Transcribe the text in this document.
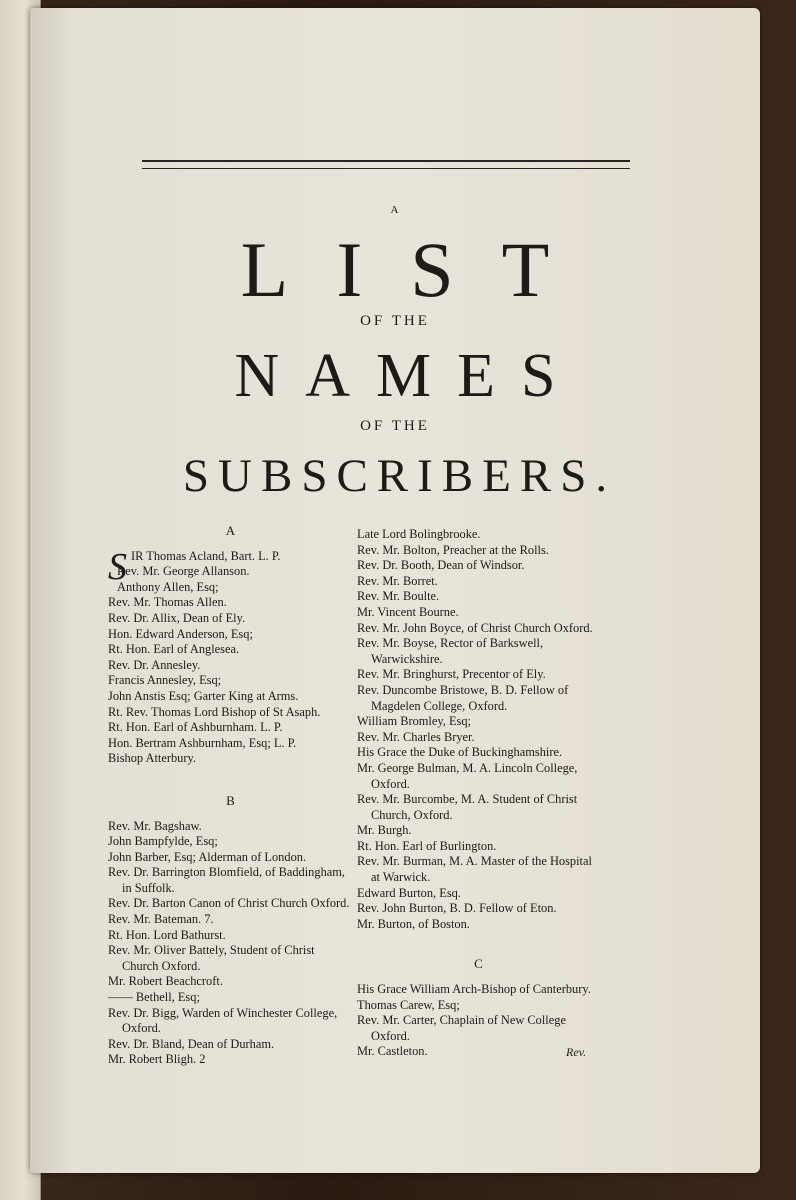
A
LIST
OF THE
NAMES
OF THE
SUBSCRIBERS.
A

S IR Thomas Acland, Bart. L. P.

Rev. Mr. George Allanson.

Anthony Allen, Esq;

Rev. Mr. Thomas Allen.

Rev. Dr. Allix, Dean of Ely.

Hon. Edward Anderson, Esq;

Rt. Hon. Earl of Anglesea.

Rev. Dr. Annesley.

Francis Annesley, Esq;

John Anstis Esq; Garter King at Arms.

Rt. Rev. Thomas Lord Bishop of St Asaph.

Rt. Hon. Earl of Ashburnham. L. P.

Hon. Bertram Ashburnham, Esq; L. P.

Bishop Atterbury.

B

Rev. Mr. Bagshaw.

John Bampfylde, Esq;

John Barber, Esq; Alderman of London.

Rev. Dr. Barrington Blomfield, of Baddingham, in Suffolk.

Rev. Dr. Barton Canon of Christ Church Oxford.

Rev. Mr. Bateman. 7.

Rt. Hon. Lord Bathurst.

Rev. Mr. Oliver Battely, Student of Christ Church Oxford.

Mr. Robert Beachcroft.

—— Bethell, Esq;

Rev. Dr. Bigg, Warden of Winchester College, Oxford.

Rev. Dr. Bland, Dean of Durham.

Mr. Robert Bligh. 2

Late Lord Bolingbrooke.

Rev. Mr. Bolton, Preacher at the Rolls.

Rev. Dr. Booth, Dean of Windsor.

Rev. Mr. Borret.

Rev. Mr. Boulte.

Mr. Vincent Bourne.

Rev. Mr. John Boyce, of Christ Church Oxford.

Rev. Mr. Boyse, Rector of Barkswell, Warwickshire.

Rev. Mr. Bringhurst, Precentor of Ely.

Rev. Duncombe Bristowe, B. D. Fellow of Magdelen College, Oxford.

William Bromley, Esq;

Rev. Mr. Charles Bryer.

His Grace the Duke of Buckinghamshire.

Mr. George Bulman, M. A. Lincoln College, Oxford.

Rev. Mr. Burcombe, M. A. Student of Christ Church, Oxford.

Mr. Burgh.

Rt. Hon. Earl of Burlington.

Rev. Mr. Burman, M. A. Master of the Hospital at Warwick.

Edward Burton, Esq.

Rev. John Burton, B. D. Fellow of Eton.

Mr. Burton, of Boston.

C

His Grace William Arch-Bishop of Canterbury.

Thomas Carew, Esq;

Rev. Mr. Carter, Chaplain of New College Oxford.

Mr. Castleton.	Rev.
